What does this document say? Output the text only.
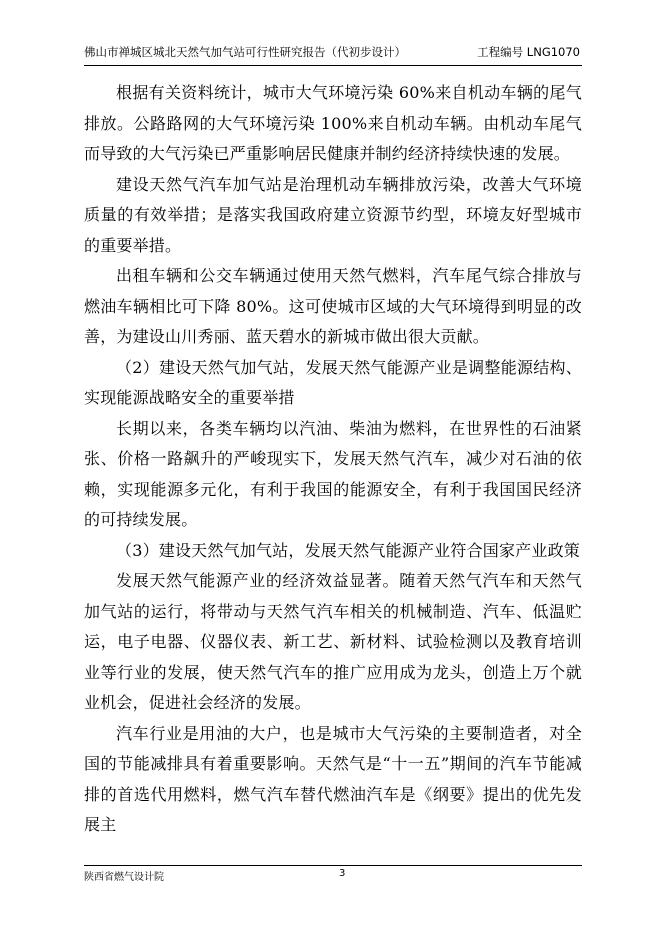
佛山市禅城区城北天然气加气站可行性研究报告（代初步设计）	工程编号 LNG1070

根据有关资料统计，城市大气环境污染 60%来自机动车辆的尾气排放。公路路网的大气环境污染 100%来自机动车辆。由机动车尾气而导致的大气污染已严重影响居民健康并制约经济持续快速的发展。

建设天然气汽车加气站是治理机动车辆排放污染，改善大气环境质量的有效举措；是落实我国政府建立资源节约型，环境友好型城市的重要举措。

出租车辆和公交车辆通过使用天然气燃料，汽车尾气综合排放与燃油车辆相比可下降 80%。这可使城市区域的大气环境得到明显的改善，为建设山川秀丽、蓝天碧水的新城市做出很大贡献。

（2）建设天然气加气站，发展天然气能源产业是调整能源结构、实现能源战略安全的重要举措

长期以来，各类车辆均以汽油、柴油为燃料，在世界性的石油紧张、价格一路飙升的严峻现实下，发展天然气汽车，减少对石油的依赖，实现能源多元化，有利于我国的能源安全，有利于我国国民经济的可持续发展。

（3）建设天然气加气站，发展天然气能源产业符合国家产业政策

发展天然气能源产业的经济效益显著。随着天然气汽车和天然气加气站的运行，将带动与天然气汽车相关的机械制造、汽车、低温贮运，电子电器、仪器仪表、新工艺、新材料、试验检测以及教育培训业等行业的发展，使天然气汽车的推广应用成为龙头，创造上万个就业机会，促进社会经济的发展。

汽车行业是用油的大户，也是城市大气污染的主要制造者，对全国的节能减排具有着重要影响。天然气是“十一五”期间的汽车节能减排的首选代用燃料，燃气汽车替代燃油汽车是《纲要》提出的优先发展主

陕西省燃气设计院	3
